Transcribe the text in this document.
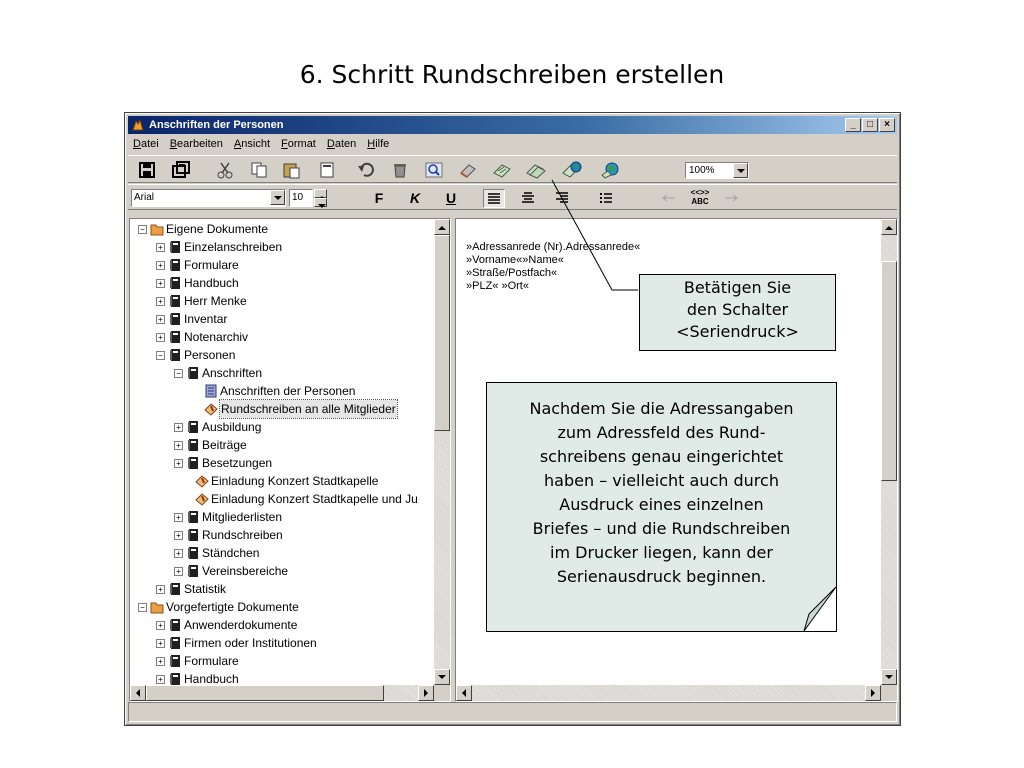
6. Schritt Rundschreiben erstellen
Anschriften der Personen	_	□	×
Datei	Bearbeiten	Ansicht	Format	Daten	Hilfe
100%
Arial	10	F	K	U	<<>>
ABC
− Eigene Dokumente
+ Einzelanschreiben
+ Formulare
+ Handbuch
+ Herr Menke
+ Inventar
+ Notenarchiv
− Personen
− Anschriften
Anschriften der Personen
Rundschreiben an alle Mitglieder
+ Ausbildung
+ Beiträge
+ Besetzungen
Einladung Konzert Stadtkapelle
Einladung Konzert Stadtkapelle und Ju
+ Mitgliederlisten
+ Rundschreiben
+ Ständchen
+ Vereinsbereiche
+ Statistik
− Vorgefertigte Dokumente
+ Anwenderdokumente
+ Firmen oder Institutionen
+ Formulare
+ Handbuch
»Adressanrede (Nr).Adressanrede«
»Vorname«»Name«
»Straße/Postfach«
»PLZ« »Ort«	Betätigen Sie
den Schalter
<Seriendruck>
Nachdem Sie die Adressangaben
zum Adressfeld des Rund-
schreibens genau eingerichtet
haben – vielleicht auch durch
Ausdruck eines einzelnen
Briefes – und die Rundschreiben
im Drucker liegen, kann der
Serienausdruck beginnen.
